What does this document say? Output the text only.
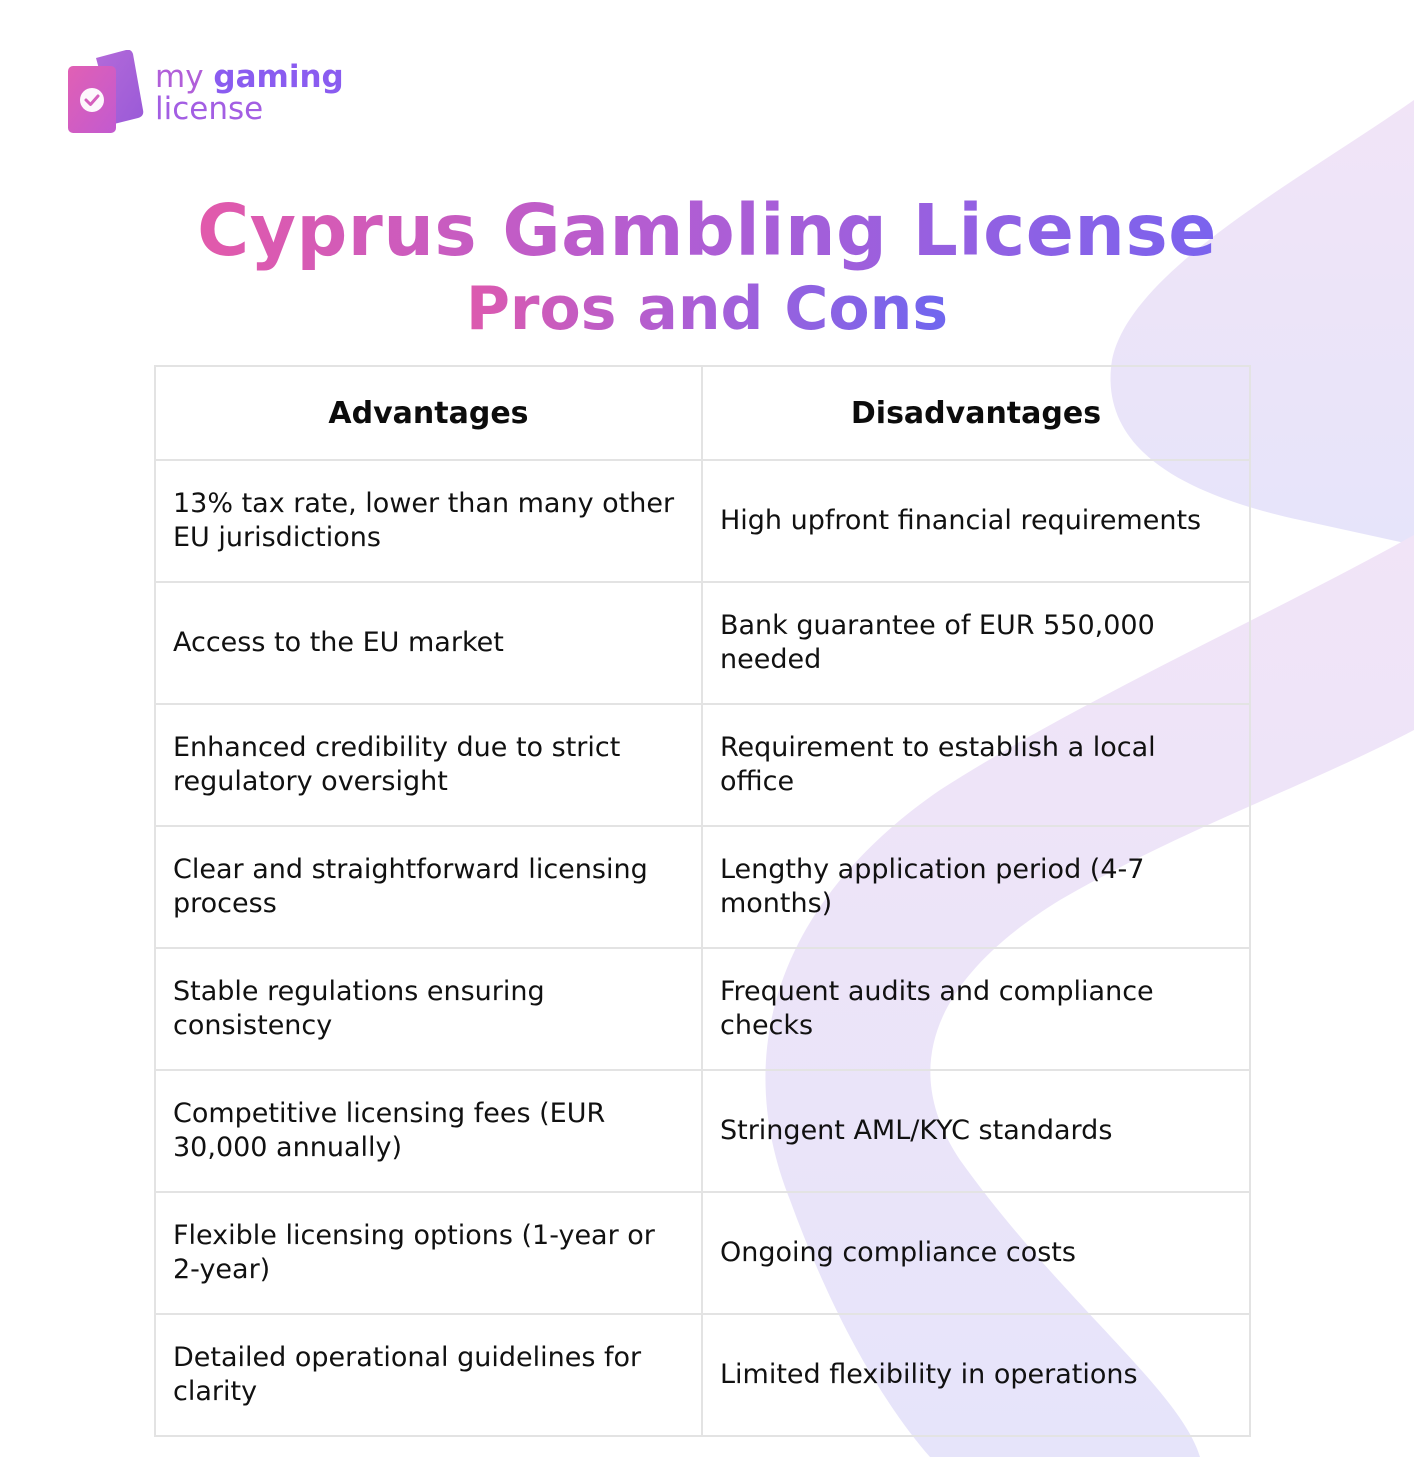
my gaming
license
Cyprus Gambling License
Pros and Cons
Advantages	Disadvantages
13% tax rate, lower than many other EU jurisdictions	High upfront financial requirements
Access to the EU market	Bank guarantee of EUR 550,000 needed
Enhanced credibility due to strict regulatory oversight	Requirement to establish a local office
Clear and straightforward licensing process	Lengthy application period (4-7 months)
Stable regulations ensuring consistency	Frequent audits and compliance checks
Competitive licensing fees (EUR 30,000 annually)	Stringent AML/KYC standards
Flexible licensing options (1-year or 2-year)	Ongoing compliance costs
Detailed operational guidelines for clarity	Limited flexibility in operations
